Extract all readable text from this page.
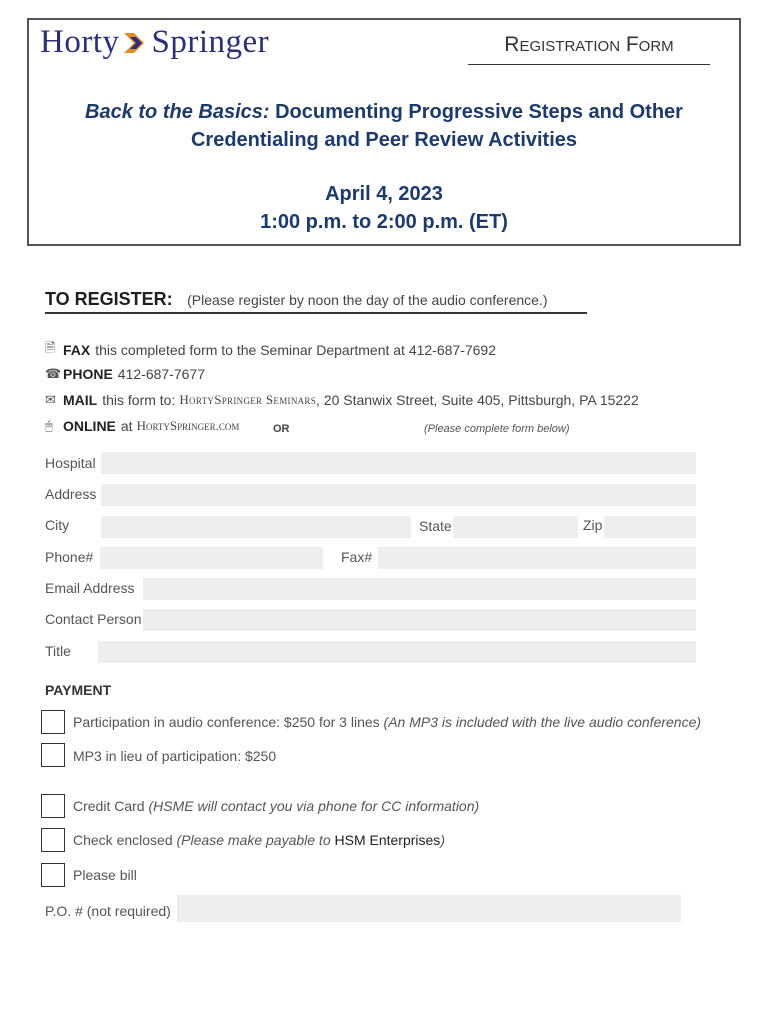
Horty Springer	Registration Form
Back to the Basics: Documenting Progressive Steps and Other
Credentialing and Peer Review Activities
April 4, 2023
1:00 p.m. to 2:00 p.m. (ET)
TO REGISTER: (Please register by noon the day of the audio conference.)
🗎 FAX this completed form to the Seminar Department at 412-687-7692
☎ PHONE 412-687-7677
✉ MAIL this form to: HortySpringer Seminars , 20 Stanwix Street, Suite 405, Pittsburgh, PA 15222
🖰 ONLINE at HortySpringer.com	OR	(Please complete form below)
Hospital
Address
City	State	Zip
Phone#	Fax#
Email Address
Contact Person
Title
PAYMENT
Participation in audio conference: $250 for 3 lines (An MP3 is included with the live audio conference)
MP3 in lieu of participation: $250
Credit Card (HSME will contact you via phone for CC information)
Check enclosed (Please make payable to HSM Enterprises)
Please bill
P.O. # (not required)
